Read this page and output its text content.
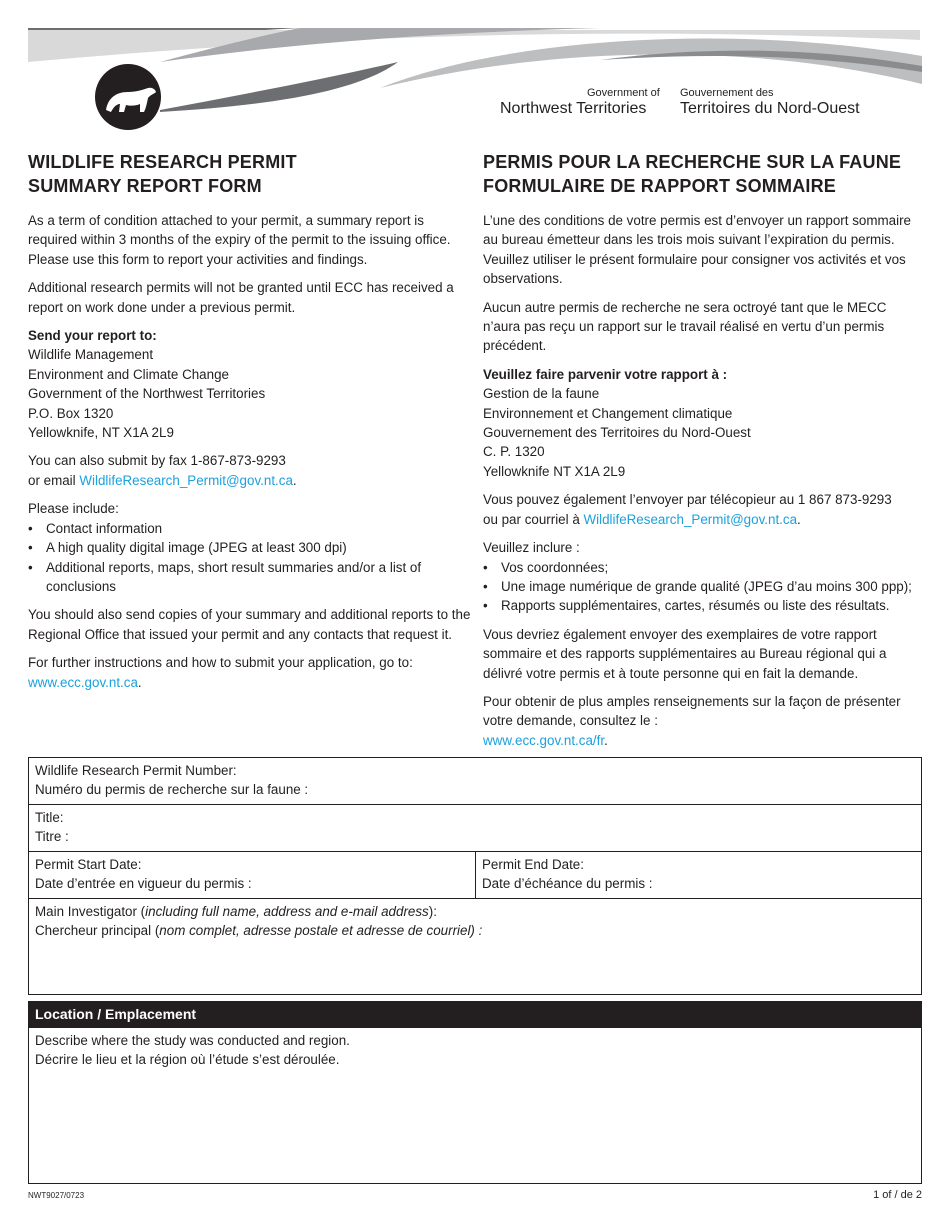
Government of
Northwest Territories
Gouvernement des
Territoires du Nord-Ouest
WILDLIFE RESEARCH PERMIT
SUMMARY REPORT FORM

As a term of condition attached to your permit, a summary report is required within 3 months of the expiry of the permit to the issuing office. Please use this form to report your activities and findings.

Additional research permits will not be granted until ECC has received a report on work done under a previous permit.

Send your report to:
Wildlife Management
Environment and Climate Change
Government of the Northwest Territories
P.O. Box 1320
Yellowknife, NT X1A 2L9

You can also submit by fax 1-867-873-9293
or email WildlifeResearch_Permit@gov.nt.ca.

Please include:
• Contact information
• A high quality digital image (JPEG at least 300 dpi)
• Additional reports, maps, short result summaries and/or a list of conclusions

You should also send copies of your summary and additional reports to the Regional Office that issued your permit and any contacts that request it.

For further instructions and how to submit your application, go to:
www.ecc.gov.nt.ca.

PERMIS POUR LA RECHERCHE SUR LA FAUNE
FORMULAIRE DE RAPPORT SOMMAIRE

L’une des conditions de votre permis est d’envoyer un rapport sommaire au bureau émetteur dans les trois mois suivant l’expiration du permis. Veuillez utiliser le présent formulaire pour consigner vos activités et vos observations.

Aucun autre permis de recherche ne sera octroyé tant que le MECC n’aura pas reçu un rapport sur le travail réalisé en vertu d’un permis précédent.

Veuillez faire parvenir votre rapport à :
Gestion de la faune
Environnement et Changement climatique
Gouvernement des Territoires du Nord-Ouest
C. P. 1320
Yellowknife NT X1A 2L9

Vous pouvez également l’envoyer par télécopieur au 1 867 873-9293
ou par courriel à WildlifeResearch_Permit@gov.nt.ca.

Veuillez inclure :
• Vos coordonnées;
• Une image numérique de grande qualité (JPEG d’au moins 300 ppp);
• Rapports supplémentaires, cartes, résumés ou liste des résultats.

Vous devriez également envoyer des exemplaires de votre rapport sommaire et des rapports supplémentaires au Bureau régional qui a délivré votre permis et à toute personne qui en fait la demande.

Pour obtenir de plus amples renseignements sur la façon de présenter votre demande, consultez le :
www.ecc.gov.nt.ca/fr.

Wildlife Research Permit Number:
Numéro du permis de recherche sur la faune :
Title:
Titre :
Permit Start Date:
Date d’entrée en vigueur du permis :
Permit End Date:
Date d’échéance du permis :
Main Investigator (including full name, address and e-mail address):
Chercheur principal (nom complet, adresse postale et adresse de courriel) :
Location / Emplacement
Describe where the study was conducted and region.
Décrire le lieu et la région où l’étude s’est déroulée.
NWT9027/0723	1 of / de 2
